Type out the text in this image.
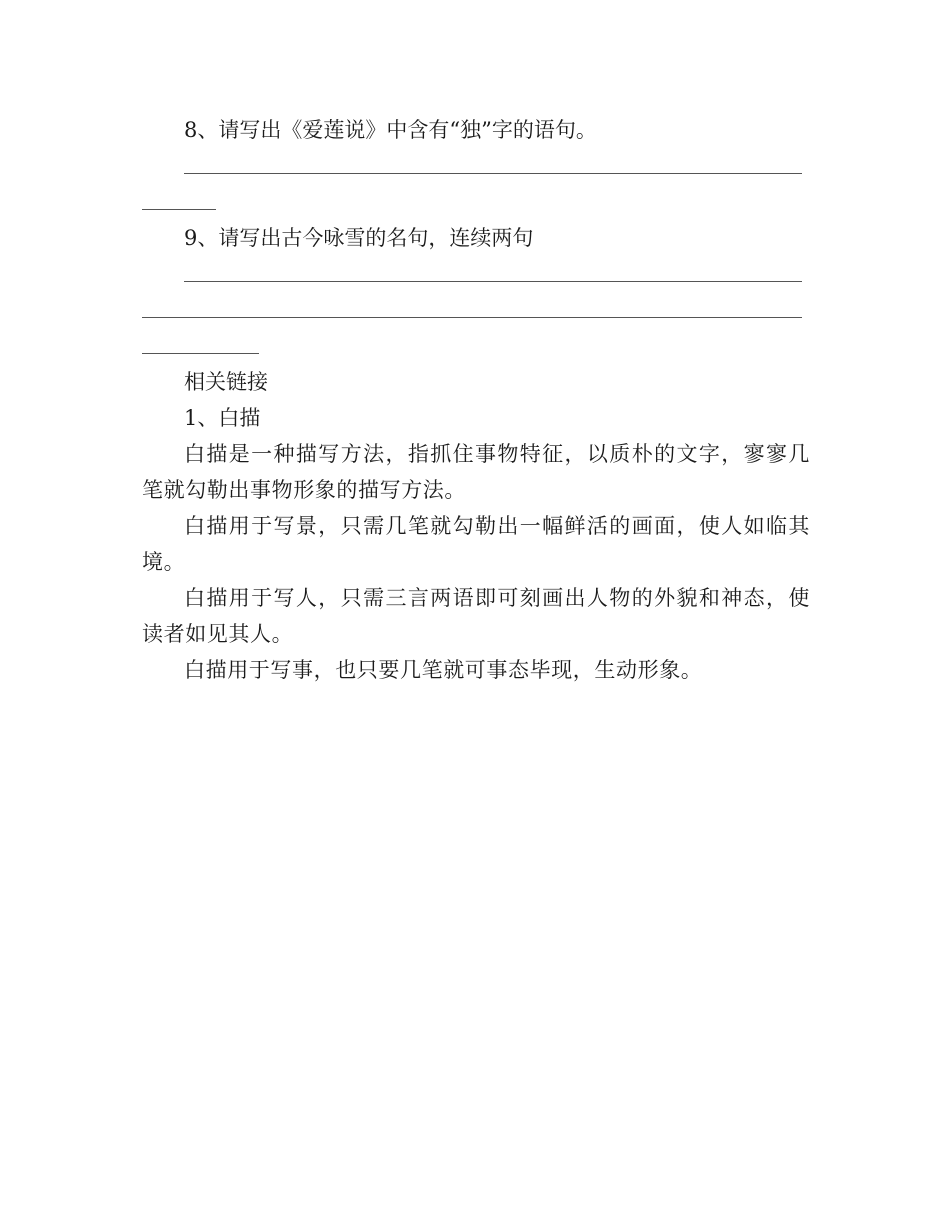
8、请写出《爱莲说》中含有“独”字的语句。
9、请写出古今咏雪的名句，连续两句
相关链接
1、白描
白描是一种描写方法，指抓住事物特征，以质朴的文字，寥寥几笔就勾勒出事物形象的描写方法。
白描用于写景，只需几笔就勾勒出一幅鲜活的画面，使人如临其境。
白描用于写人，只需三言两语即可刻画出人物的外貌和神态，使读者如见其人。
白描用于写事，也只要几笔就可事态毕现，生动形象。
